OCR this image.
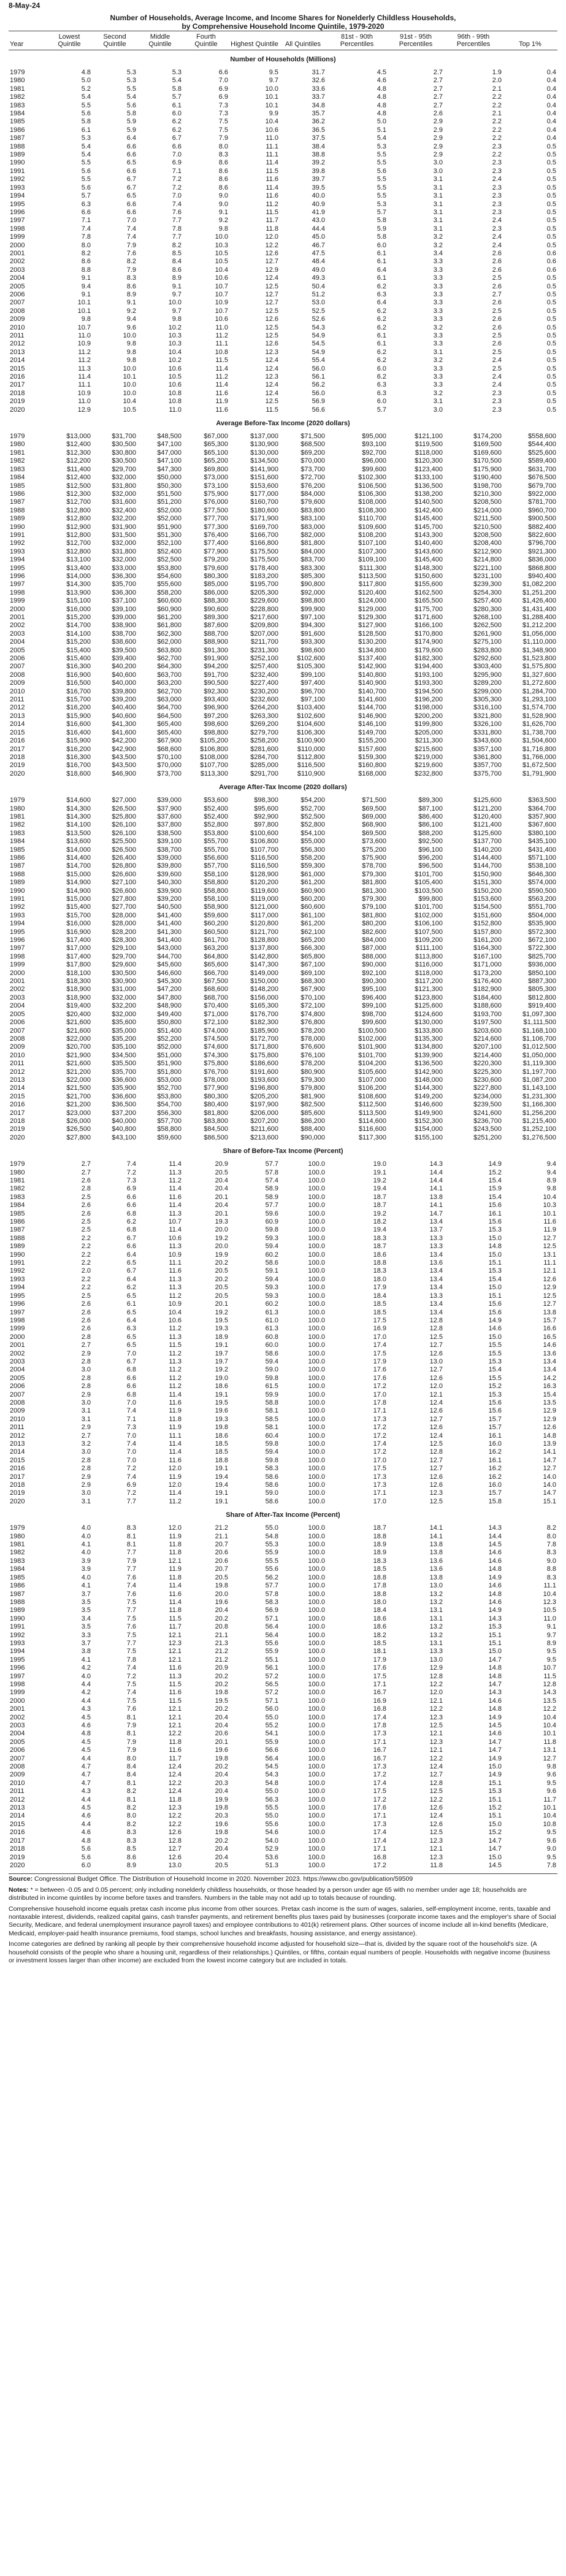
8-May-24
Number of Households, Average Income, and Income Shares for Nonelderly Childless Households,
by Comprehensive Household Income Quintile, 1979-2020
Year	Lowest Quintile	Second Quintile	Middle Quintile	Fourth Quintile	Highest Quintile	All Quintiles	81st - 90th Percentiles	91st - 95th Percentiles	96th - 99th Percentiles	Top 1%
Number of Households (Millions)										
1979	4.8	5.3	5.3	6.6	9.5	31.7	4.5	2.7	1.9	0.4
1980	5.0	5.3	5.4	7.0	9.7	32.6	4.6	2.7	2.0	0.4
1981	5.2	5.5	5.8	6.9	10.0	33.6	4.8	2.7	2.1	0.4
1982	5.4	5.4	5.7	6.9	10.1	33.7	4.8	2.7	2.2	0.4
1983	5.5	5.6	6.1	7.3	10.1	34.8	4.8	2.7	2.2	0.4
1984	5.6	5.8	6.0	7.3	9.9	35.7	4.8	2.6	2.1	0.4
1985	5.8	5.9	6.2	7.5	10.4	36.2	5.0	2.9	2.2	0.4
1986	6.1	5.9	6.2	7.5	10.6	36.5	5.1	2.9	2.2	0.4
1987	5.3	6.4	6.7	7.9	11.0	37.5	5.4	2.9	2.2	0.4
1988	5.4	6.6	6.6	8.0	11.1	38.4	5.3	2.9	2.3	0.5
1989	5.4	6.6	7.0	8.3	11.1	38.8	5.5	2.9	2.2	0.5
1990	5.5	6.5	6.9	8.6	11.4	39.2	5.5	3.0	2.3	0.5
1991	5.6	6.6	7.1	8.6	11.5	39.8	5.6	3.0	2.3	0.5
1992	5.5	6.7	7.2	8.6	11.6	39.7	5.5	3.1	2.4	0.5
1993	5.6	6.7	7.2	8.6	11.4	39.5	5.5	3.1	2.3	0.5
1994	5.7	6.5	7.0	9.0	11.6	40.0	5.5	3.1	2.3	0.5
1995	6.3	6.6	7.4	9.0	11.2	40.9	5.3	3.1	2.3	0.5
1996	6.6	6.6	7.6	9.1	11.5	41.9	5.7	3.1	2.3	0.5
1997	7.1	7.0	7.7	9.2	11.7	43.0	5.8	3.1	2.4	0.5
1998	7.4	7.4	7.8	9.8	11.8	44.4	5.9	3.1	2.3	0.5
1999	7.8	7.4	7.7	10.0	12.0	45.0	5.8	3.2	2.4	0.5
2000	8.0	7.9	8.2	10.3	12.2	46.7	6.0	3.2	2.4	0.5
2001	8.2	7.6	8.5	10.5	12.6	47.5	6.1	3.4	2.6	0.6
2002	8.6	8.2	8.4	10.5	12.7	48.4	6.1	3.3	2.6	0.6
2003	8.8	7.9	8.6	10.4	12.9	49.0	6.4	3.3	2.6	0.6
2004	9.1	8.3	8.9	10.6	12.4	49.3	6.1	3.3	2.5	0.5
2005	9.4	8.6	9.1	10.7	12.5	50.4	6.2	3.3	2.6	0.5
2006	9.1	8.9	9.7	10.7	12.7	51.2	6.3	3.3	2.7	0.5
2007	10.1	9.1	10.0	10.9	12.7	53.0	6.4	3.3	2.6	0.5
2008	10.1	9.2	9.7	10.7	12.5	52.5	6.2	3.3	2.5	0.5
2009	9.8	9.4	9.8	10.6	12.6	52.6	6.2	3.3	2.6	0.5
2010	10.7	9.6	10.2	11.0	12.5	54.3	6.2	3.2	2.6	0.5
2011	11.0	10.0	10.3	11.2	12.5	54.9	6.1	3.3	2.5	0.5
2012	10.9	9.8	10.3	11.1	12.6	54.5	6.1	3.3	2.6	0.5
2013	11.2	9.8	10.4	10.8	12.3	54.9	6.2	3.1	2.5	0.5
2014	11.2	9.8	10.2	11.5	12.4	55.4	6.2	3.2	2.4	0.5
2015	11.3	10.0	10.6	11.4	12.4	56.0	6.0	3.3	2.5	0.5
2016	11.4	10.1	10.5	11.2	12.3	56.1	6.2	3.3	2.4	0.5
2017	11.1	10.0	10.6	11.4	12.4	56.2	6.3	3.3	2.4	0.5
2018	10.9	10.0	10.8	11.6	12.4	56.0	6.3	3.2	2.3	0.5
2019	11.0	10.4	10.8	11.9	12.5	56.9	6.0	3.1	2.3	0.5
2020	12.9	10.5	11.0	11.6	11.5	56.6	5.7	3.0	2.3	0.5
Average Before-Tax Income (2020 dollars)										
1979	$13,000	$31,700	$48,500	$67,000	$137,000	$71,500	$95,000	$121,100	$174,200	$558,600
1980	$12,400	$30,500	$47,100	$65,300	$130,900	$68,500	$93,100	$119,500	$169,500	$544,400
1981	$12,300	$30,800	$47,000	$65,100	$130,000	$69,200	$92,700	$118,000	$169,600	$525,600
1982	$12,200	$30,500	$47,100	$65,200	$134,500	$70,000	$96,000	$120,300	$170,500	$589,400
1983	$11,400	$29,700	$47,300	$69,800	$141,900	$73,700	$99,600	$123,400	$175,900	$631,700
1984	$12,400	$32,000	$50,000	$73,000	$151,600	$72,700	$102,300	$133,100	$190,400	$676,500
1985	$12,500	$31,800	$50,300	$73,100	$153,600	$76,200	$106,500	$136,500	$198,700	$679,700
1986	$12,300	$32,000	$51,500	$75,900	$177,000	$84,000	$106,300	$138,200	$210,300	$922,000
1987	$12,700	$31,600	$51,200	$76,000	$160,700	$79,600	$108,000	$140,500	$208,500	$781,700
1988	$12,800	$32,400	$52,000	$77,500	$180,600	$83,800	$108,300	$142,400	$214,000	$960,700
1989	$12,800	$32,200	$52,000	$77,700	$171,900	$83,100	$110,700	$145,400	$211,500	$900,500
1990	$12,900	$31,900	$51,900	$77,300	$169,700	$83,000	$109,600	$145,700	$210,500	$882,400
1991	$12,800	$31,500	$51,300	$76,400	$166,700	$82,000	$108,200	$143,300	$208,500	$822,600
1992	$12,700	$32,000	$52,100	$77,400	$166,800	$81,800	$107,100	$140,400	$208,400	$796,700
1993	$12,800	$31,800	$52,400	$77,900	$175,500	$84,000	$107,300	$143,600	$212,900	$921,300
1994	$13,100	$32,000	$52,500	$79,200	$175,500	$83,700	$109,100	$145,400	$214,800	$836,000
1995	$13,400	$33,000	$53,800	$79,600	$178,400	$83,300	$111,300	$148,300	$221,100	$868,800
1996	$14,000	$36,300	$54,600	$80,300	$183,200	$85,300	$113,500	$150,600	$231,100	$940,400
1997	$14,300	$35,700	$55,600	$85,000	$195,700	$90,800	$117,800	$155,600	$239,300	$1,082,200
1998	$13,900	$36,300	$58,200	$86,000	$205,300	$92,000	$120,400	$162,500	$254,300	$1,251,200
1999	$15,100	$37,100	$60,600	$88,300	$229,600	$98,800	$124,000	$165,500	$257,400	$1,426,400
2000	$16,000	$39,100	$60,900	$90,600	$228,800	$99,900	$129,000	$175,700	$280,300	$1,431,400
2001	$15,200	$39,000	$61,200	$89,300	$217,600	$97,100	$129,300	$171,600	$268,100	$1,288,400
2002	$14,700	$38,900	$61,800	$87,600	$209,800	$94,300	$127,900	$166,100	$262,500	$1,212,200
2003	$14,100	$38,700	$62,300	$88,700	$207,000	$91,600	$128,500	$170,800	$261,900	$1,056,000
2004	$15,200	$38,600	$62,000	$88,900	$211,700	$93,300	$130,200	$174,900	$275,100	$1,110,000
2005	$15,400	$39,500	$63,800	$91,300	$231,300	$98,600	$134,800	$179,600	$283,800	$1,348,900
2006	$15,400	$39,400	$62,700	$91,900	$252,100	$102,600	$137,400	$182,300	$292,600	$1,523,800
2007	$16,300	$40,200	$64,300	$94,200	$257,400	$105,300	$142,900	$194,400	$303,400	$1,575,800
2008	$16,900	$40,600	$63,700	$91,700	$232,400	$99,100	$140,800	$193,100	$295,900	$1,327,600
2009	$16,500	$40,000	$63,200	$90,500	$227,400	$97,400	$140,900	$193,300	$289,200	$1,272,600
2010	$16,700	$39,800	$62,700	$92,300	$230,200	$96,700	$140,700	$194,500	$299,000	$1,284,700
2011	$15,700	$39,200	$63,000	$93,400	$232,600	$97,100	$141,600	$196,200	$305,300	$1,293,100
2012	$16,200	$40,400	$64,700	$96,900	$264,200	$103,400	$144,700	$198,000	$316,100	$1,574,700
2013	$15,900	$40,600	$64,500	$97,200	$263,300	$102,600	$146,900	$200,200	$321,800	$1,528,900
2014	$16,600	$41,300	$65,400	$98,600	$269,200	$104,600	$146,100	$199,800	$326,100	$1,626,700
2015	$16,400	$41,600	$65,400	$98,800	$279,700	$106,300	$149,700	$205,000	$331,800	$1,738,700
2016	$15,900	$42,200	$67,900	$105,200	$258,200	$100,900	$155,200	$211,300	$343,600	$1,504,600
2017	$16,200	$42,900	$68,600	$106,800	$281,600	$110,000	$157,600	$215,600	$357,100	$1,716,800
2018	$16,300	$43,500	$70,100	$108,000	$284,700	$112,800	$159,300	$219,000	$361,800	$1,766,000
2019	$16,700	$43,500	$70,000	$107,700	$285,000	$116,500	$160,800	$219,600	$357,700	$1,672,500
2020	$18,600	$46,900	$73,700	$113,300	$291,700	$110,900	$168,000	$232,800	$375,700	$1,791,900
Average After-Tax Income (2020 dollars)										
1979	$14,600	$27,000	$39,000	$53,600	$98,300	$54,200	$71,500	$89,300	$125,600	$363,500
1980	$14,300	$26,500	$37,900	$52,400	$95,600	$52,700	$69,500	$87,100	$121,200	$364,700
1981	$14,300	$25,800	$37,600	$52,400	$92,900	$52,500	$69,000	$86,400	$120,400	$357,900
1982	$14,100	$26,100	$37,800	$52,800	$97,800	$52,800	$68,900	$86,100	$121,400	$367,600
1983	$13,500	$26,100	$38,500	$53,800	$100,600	$54,100	$69,500	$88,200	$125,600	$380,100
1984	$13,600	$25,500	$39,100	$55,700	$106,800	$55,000	$73,600	$92,500	$137,700	$435,100
1985	$14,000	$26,500	$38,700	$55,700	$107,700	$56,300	$75,200	$96,100	$140,200	$431,400
1986	$14,400	$26,400	$39,000	$56,600	$116,500	$58,200	$75,900	$96,200	$144,400	$571,100
1987	$14,700	$26,800	$39,800	$57,700	$116,500	$59,300	$78,700	$96,500	$144,700	$538,100
1988	$15,000	$26,600	$39,600	$58,100	$128,900	$61,000	$79,300	$101,700	$150,900	$646,300
1989	$14,900	$27,100	$40,300	$58,800	$120,200	$61,200	$81,800	$105,400	$151,300	$574,000
1990	$14,900	$26,600	$39,900	$58,800	$119,600	$60,900	$81,300	$103,500	$150,200	$590,500
1991	$15,000	$27,800	$39,200	$58,100	$119,000	$60,200	$79,300	$99,800	$153,600	$563,200
1992	$15,400	$27,700	$40,500	$58,900	$121,000	$60,600	$79,100	$101,700	$154,500	$551,700
1993	$15,700	$28,000	$41,400	$59,600	$117,000	$61,100	$81,800	$102,000	$151,600	$504,000
1994	$16,000	$28,000	$41,400	$60,200	$120,800	$61,200	$80,200	$106,100	$152,800	$535,900
1995	$16,900	$28,200	$41,300	$60,500	$121,700	$62,100	$82,600	$107,500	$157,800	$572,300
1996	$17,400	$28,300	$41,400	$61,700	$128,800	$65,200	$84,000	$109,200	$161,200	$672,100
1997	$17,000	$29,100	$43,000	$63,200	$137,800	$66,300	$87,000	$111,100	$164,300	$722,300
1998	$17,400	$29,700	$44,700	$64,800	$142,800	$65,800	$88,000	$113,800	$167,100	$825,700
1999	$17,800	$29,600	$45,600	$65,600	$147,300	$67,100	$90,000	$116,000	$171,000	$936,000
2000	$18,100	$30,500	$46,600	$66,700	$149,000	$69,100	$92,100	$118,000	$173,200	$850,100
2001	$18,300	$30,900	$45,300	$67,500	$150,000	$68,300	$90,300	$117,200	$176,400	$887,300
2002	$18,900	$31,000	$47,200	$68,600	$148,200	$67,900	$95,100	$121,300	$182,900	$805,300
2003	$18,900	$32,000	$47,800	$68,700	$156,000	$70,100	$96,400	$123,800	$184,400	$812,800
2004	$19,400	$32,200	$48,900	$70,400	$165,300	$72,100	$99,100	$125,600	$188,600	$919,400
2005	$20,400	$32,000	$49,400	$71,000	$176,700	$74,800	$98,700	$124,600	$193,700	$1,097,300
2006	$21,600	$35,600	$50,800	$72,100	$182,300	$76,800	$99,600	$130,000	$197,500	$1,111,500
2007	$21,600	$35,000	$51,400	$74,000	$185,900	$78,200	$100,500	$133,800	$203,600	$1,168,100
2008	$22,000	$35,200	$52,200	$74,500	$172,700	$78,000	$102,000	$135,300	$214,600	$1,106,700
2009	$20,700	$35,100	$52,000	$74,600	$171,800	$76,600	$101,900	$134,800	$207,100	$1,012,500
2010	$21,900	$34,500	$51,000	$74,300	$175,800	$76,100	$101,700	$139,900	$214,400	$1,050,000
2011	$21,600	$35,500	$51,900	$75,800	$186,600	$78,200	$104,200	$136,500	$220,300	$1,119,300
2012	$21,200	$35,700	$51,800	$76,700	$191,600	$80,900	$105,600	$142,900	$225,300	$1,197,700
2013	$22,000	$36,600	$53,000	$78,000	$193,600	$79,300	$107,000	$148,000	$230,600	$1,087,200
2014	$21,500	$35,900	$52,700	$77,900	$196,800	$79,800	$106,200	$144,300	$227,800	$1,143,100
2015	$21,700	$36,600	$53,800	$80,300	$205,200	$81,900	$108,600	$149,200	$234,000	$1,231,300
2016	$21,200	$36,500	$54,700	$80,400	$197,900	$82,500	$112,500	$146,600	$239,500	$1,166,300
2017	$23,000	$37,200	$56,300	$81,800	$206,000	$85,600	$113,500	$149,900	$241,600	$1,256,200
2018	$26,000	$40,000	$57,700	$83,800	$207,200	$86,200	$114,600	$152,300	$236,700	$1,215,400
2019	$26,500	$40,800	$58,800	$84,500	$211,600	$88,400	$116,600	$154,000	$243,500	$1,252,100
2020	$27,800	$43,100	$59,600	$86,500	$213,600	$90,000	$117,300	$155,100	$251,200	$1,276,500
Share of Before-Tax Income (Percent)										
1979	2.7	7.4	11.4	20.9	57.7	100.0	19.0	14.3	14.9	9.4
1980	2.7	7.2	11.3	20.5	57.8	100.0	19.1	14.4	15.2	9.4
1981	2.6	7.3	11.2	20.4	57.4	100.0	19.2	14.4	15.4	8.9
1982	2.8	6.9	11.4	20.4	58.9	100.0	19.4	14.1	15.9	9.8
1983	2.5	6.6	11.6	20.1	58.9	100.0	18.7	13.8	15.4	10.4
1984	2.6	6.6	11.4	20.4	57.7	100.0	18.7	14.1	15.6	10.3
1985	2.6	6.8	11.3	20.1	59.6	100.0	19.2	14.7	16.1	10.1
1986	2.5	6.2	10.7	19.3	60.9	100.0	18.2	13.4	15.6	11.6
1987	2.5	6.8	11.4	20.0	59.8	100.0	19.4	13.7	15.3	11.9
1988	2.2	6.7	10.6	19.2	59.3	100.0	18.3	13.3	15.0	12.7
1989	2.2	6.6	11.3	20.0	59.4	100.0	18.7	13.3	14.8	12.5
1990	2.2	6.4	10.9	19.9	60.2	100.0	18.6	13.4	15.0	13.1
1991	2.2	6.5	11.1	20.2	58.6	100.0	18.8	13.6	15.1	11.1
1992	2.0	6.7	11.6	20.5	59.1	100.0	18.3	13.4	15.3	12.1
1993	2.2	6.4	11.3	20.2	59.4	100.0	18.0	13.4	15.4	12.6
1994	2.2	6.2	11.3	20.5	59.3	100.0	17.9	13.4	15.0	12.9
1995	2.5	6.5	11.2	20.5	59.3	100.0	18.4	13.3	15.1	12.5
1996	2.6	6.1	10.9	20.1	60.2	100.0	18.5	13.4	15.6	12.7
1997	2.6	6.5	10.4	19.2	61.3	100.0	18.5	13.4	15.6	13.8
1998	2.6	6.4	10.6	19.5	61.0	100.0	17.5	12.8	14.9	15.7
1999	2.6	6.3	11.2	19.3	61.3	100.0	16.9	12.8	14.6	16.6
2000	2.8	6.5	11.3	18.9	60.8	100.0	17.0	12.5	15.0	16.5
2001	2.7	6.5	11.5	19.1	60.0	100.0	17.4	12.7	15.5	14.6
2002	2.9	7.0	11.2	19.7	58.6	100.0	17.5	12.6	15.5	13.6
2003	2.8	6.7	11.3	19.7	59.4	100.0	17.9	13.0	15.3	13.4
2004	3.0	6.8	11.2	19.2	59.0	100.0	17.6	12.7	15.4	13.4
2005	2.8	6.6	11.2	19.0	59.8	100.0	17.6	12.6	15.5	14.2
2006	2.8	6.6	11.2	18.6	61.5	100.0	17.2	12.0	15.2	16.3
2007	2.9	6.8	11.4	19.1	59.9	100.0	17.0	12.1	15.3	15.4
2008	3.0	7.0	11.6	19.5	58.8	100.0	17.8	12.4	15.6	13.5
2009	3.1	7.4	11.9	19.6	58.1	100.0	17.1	12.6	15.6	12.9
2010	3.1	7.1	11.8	19.3	58.5	100.0	17.3	12.7	15.7	12.9
2011	2.9	7.3	11.9	19.8	58.1	100.0	17.2	12.6	15.7	12.6
2012	2.7	7.0	11.1	18.6	60.4	100.0	17.2	12.4	16.1	14.8
2013	3.2	7.4	11.4	18.5	59.8	100.0	17.4	12.5	16.0	13.9
2014	3.0	7.0	11.4	18.5	59.4	100.0	17.2	12.8	16.2	14.1
2015	2.8	7.0	11.6	18.8	59.8	100.0	17.0	12.7	16.1	14.7
2016	2.8	7.2	12.0	19.1	58.3	100.0	17.5	12.7	16.2	12.7
2017	2.9	7.4	11.9	19.4	58.6	100.0	17.3	12.6	16.2	14.0
2018	2.9	6.9	12.0	19.4	58.6	100.0	17.3	12.6	16.0	14.0
2019	3.0	7.2	11.4	19.1	59.0	100.0	17.1	12.3	15.7	14.7
2020	3.1	7.7	11.2	19.1	58.6	100.0	17.0	12.5	15.8	15.1
Share of After-Tax Income (Percent)										
1979	4.0	8.3	12.0	21.2	55.0	100.0	18.7	14.1	14.3	8.2
1980	4.0	8.1	11.9	21.1	54.8	100.0	18.8	14.1	14.4	8.0
1981	4.1	8.1	11.8	20.7	55.3	100.0	18.9	13.8	14.5	7.8
1982	4.0	7.7	11.8	20.6	55.9	100.0	18.9	13.8	14.6	8.3
1983	3.9	7.9	12.1	20.6	55.5	100.0	18.3	13.6	14.6	9.0
1984	3.9	7.7	11.9	20.7	55.6	100.0	18.5	13.6	14.8	8.8
1985	4.0	7.6	11.8	20.5	56.2	100.0	18.8	13.8	14.9	8.3
1986	4.1	7.4	11.4	19.8	57.7	100.0	17.8	13.0	14.6	11.1
1987	3.7	7.6	11.6	20.0	57.8	100.0	18.8	13.2	14.8	10.4
1988	3.5	7.5	11.4	19.6	58.3	100.0	18.0	13.2	14.6	12.3
1989	3.5	7.7	11.8	20.4	56.9	100.0	18.4	13.1	14.9	10.5
1990	3.4	7.5	11.5	20.2	57.1	100.0	18.6	13.1	14.3	11.0
1991	3.5	7.6	11.7	20.8	56.4	100.0	18.6	13.2	15.3	9.1
1992	3.3	7.5	12.1	21.1	56.4	100.0	18.2	13.2	15.1	9.7
1993	3.7	7.7	12.3	21.3	55.6	100.0	18.5	13.1	15.1	8.9
1994	3.8	7.5	12.1	21.2	55.9	100.0	18.1	13.3	15.0	9.5
1995	4.1	7.8	12.1	21.2	55.1	100.0	17.9	13.0	14.7	9.5
1996	4.2	7.4	11.6	20.9	56.1	100.0	17.6	12.9	14.8	10.7
1997	4.0	7.2	11.3	20.2	57.2	100.0	17.5	12.8	14.8	11.5
1998	4.4	7.5	11.5	20.2	56.5	100.0	17.1	12.2	14.7	12.8
1999	4.2	7.4	11.6	19.8	57.2	100.0	16.7	12.0	14.3	14.3
2000	4.4	7.5	11.5	19.5	57.1	100.0	16.9	12.1	14.6	13.5
2001	4.3	7.6	12.1	20.2	56.0	100.0	16.8	12.2	14.8	12.2
2002	4.5	8.1	12.1	20.4	55.0	100.0	17.4	12.3	14.9	10.4
2003	4.6	7.9	12.1	20.4	55.2	100.0	17.8	12.5	14.5	10.4
2004	4.8	8.1	12.2	20.6	54.1	100.0	17.3	12.1	14.6	10.1
2005	4.5	7.9	11.8	20.1	55.9	100.0	17.1	12.3	14.7	11.8
2006	4.5	7.9	11.6	19.6	56.6	100.0	16.7	12.1	14.7	13.1
2007	4.4	8.0	11.7	19.8	56.4	100.0	16.7	12.2	14.9	12.7
2008	4.7	8.4	12.4	20.2	54.5	100.0	17.3	12.4	15.0	9.8
2009	4.7	8.4	12.4	20.4	54.3	100.0	17.2	12.7	14.9	9.6
2010	4.7	8.1	12.2	20.3	54.8	100.0	17.4	12.8	15.1	9.5
2011	4.3	8.2	12.4	20.4	55.0	100.0	17.5	12.5	15.3	9.6
2012	4.4	8.1	11.8	19.9	56.3	100.0	17.2	12.2	15.1	11.7
2013	4.5	8.2	12.3	19.8	55.5	100.0	17.6	12.6	15.2	10.1
2014	4.6	8.0	12.2	20.3	55.0	100.0	17.1	12.4	15.1	10.4
2015	4.4	8.2	12.2	19.6	55.6	100.0	17.3	12.6	15.0	10.8
2016	4.6	8.3	12.6	19.8	54.6	100.0	17.4	12.5	15.2	9.5
2017	4.8	8.3	12.8	20.2	54.0	100.0	17.4	12.3	14.7	9.6
2018	5.6	8.5	12.7	20.4	52.9	100.0	17.1	12.1	14.7	9.0
2019	5.6	8.6	12.6	20.4	53.6	100.0	16.8	12.3	15.0	9.5
2020	6.0	8.9	13.0	20.5	51.3	100.0	17.2	11.8	14.5	7.8

Source: Congressional Budget Office. The Distribution of Household Income in 2020. November 2023. https://www.cbo.gov/publication/59509

Notes: * = between -0.05 and 0.05 percent; only including nonelderly childless households, or those headed by a person under age 65 with no member under age 18; households are distributed in income quintiles by income before taxes and transfers. Numbers in the table may not add up to totals because of rounding.

Comprehensive household income equals pretax cash income plus income from other sources. Pretax cash income is the sum of wages, salaries, self-employment income, rents, taxable and nontaxable interest, dividends, realized capital gains, cash transfer payments, and retirement benefits plus taxes paid by businesses (corporate income taxes and the employer's share of Social Security, Medicare, and federal unemployment insurance payroll taxes) and employee contributions to 401(k) retirement plans. Other sources of income include all in-kind benefits (Medicare, Medicaid, employer-paid health insurance premiums, food stamps, school lunches and breakfasts, housing assistance, and energy assistance).

Income categories are defined by ranking all people by their comprehensive household income adjusted for household size—that is, divided by the square root of the household's size. (A household consists of the people who share a housing unit, regardless of their relationships.) Quintiles, or fifths, contain equal numbers of people. Households with negative income (business or investment losses larger than other income) are excluded from the lowest income category but are included in totals.
